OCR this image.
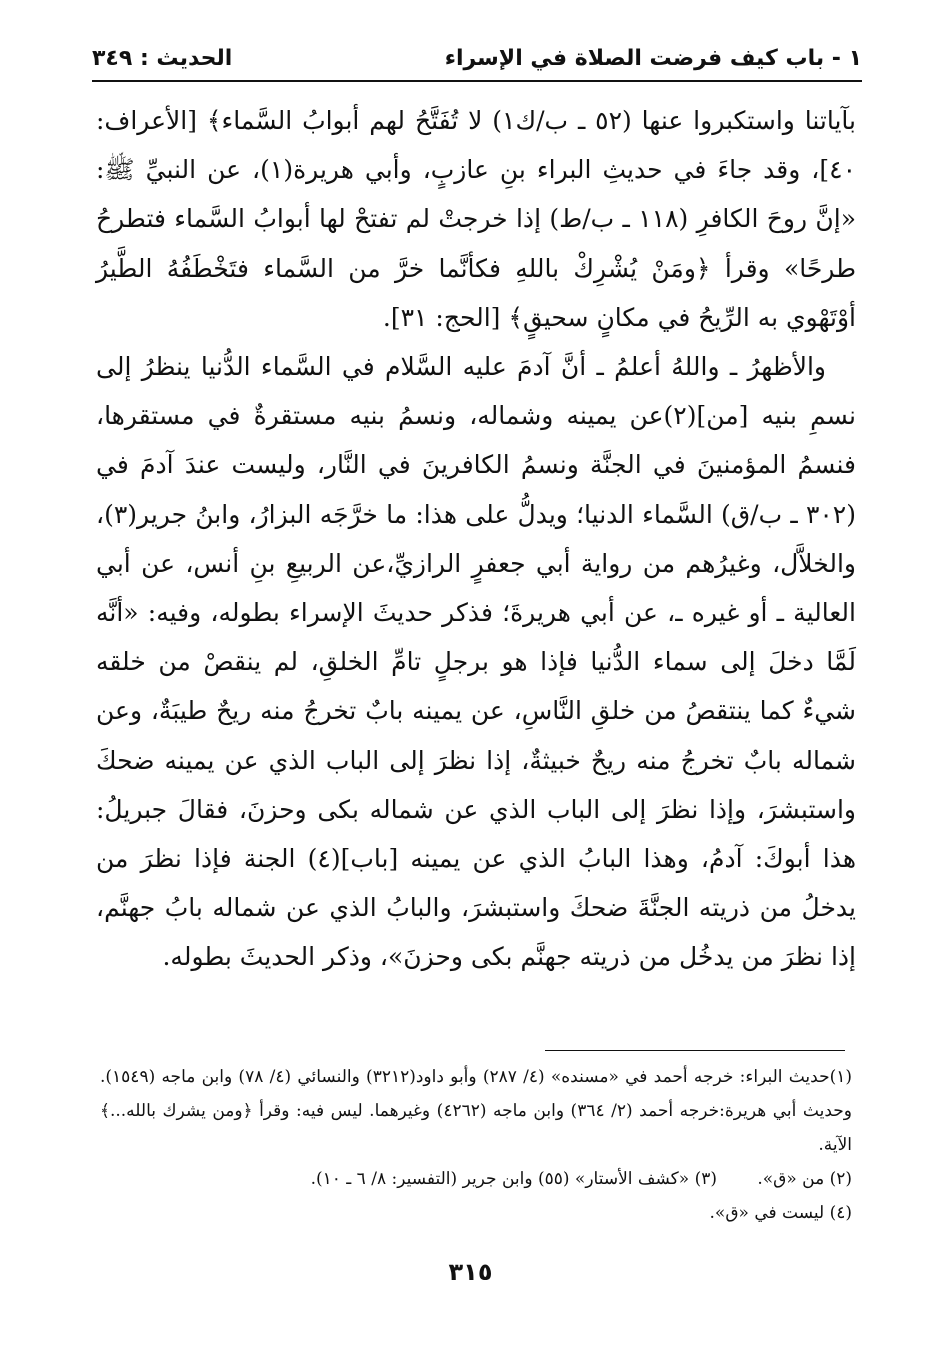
١ - باب كيف فرضت الصلاة في الإسراء
الحديث : ٣٤٩

بآياتنا واستكبروا عنها (٥٢ ـ ب/ك١) لا تُفَتَّحُ لهم أبوابُ السَّماء﴾ [الأعراف: ٤٠]، وقد جاءَ في حديثِ البراء بنِ عازبٍ، وأبي هريرة(١)، عن النبيِّ ﷺ: «إنَّ روحَ الكافرِ (١١٨ ـ ب/ط) إذا خرجتْ لم تفتحْ لها أبوابُ السَّماء فتطرحُ طرحًا» وقرأ ﴿ومَنْ يُشْرِكْ باللهِ فكأنَّما خرَّ من السَّماء فتَخْطَفُهُ الطَّيرُ أوْتَهْوي به الرِّيحُ في مكانٍ سحيقٍ﴾ [الحج: ٣١].

والأظهرُ ـ واللهُ أعلمُ ـ أنَّ آدمَ عليه السَّلام في السَّماء الدُّنيا ينظرُ إلى نسمِ بنيه [من](٢)عن يمينه وشماله، ونسمُ بنيه مستقرةٌ في مستقرها، فنسمُ المؤمنينَ في الجنَّة ونسمُ الكافرينَ في النَّار، وليست عندَ آدمَ في (٣٠٢ ـ ب/ق) السَّماء الدنيا؛ ويدلُّ على هذا: ما خرَّجَه البزارُ، وابنُ جرير(٣)، والخلاَّل، وغيرُهم من رواية أبي جعفرٍ الرازيِّ،عن الربيعِ بنِ أنس، عن أبي العالية ـ أو غيره ـ، عن أبي هريرةَ؛ فذكر حديثَ الإسراء بطوله، وفيه: «أنَّه لَمَّا دخلَ إلى سماء الدُّنيا فإذا هو برجلٍ تامِّ الخلقِ، لم ينقصْ من خلقه شيءٌ كما ينتقصُ من خلقِ النَّاسِ، عن يمينه بابٌ تخرجُ منه ريحٌ طيبَةٌ، وعن شماله بابٌ تخرجُ منه ريحٌ خبيثةٌ، إذا نظرَ إلى الباب الذي عن يمينه ضحكَ واستبشرَ، وإذا نظرَ إلى الباب الذي عن شماله بكى وحزنَ، فقالَ جبريلُ: هذا أبوكَ: آدمُ، وهذا البابُ الذي عن يمينه [باب](٤) الجنة فإذا نظرَ من يدخلُ من ذريته الجنَّةَ ضحكَ واستبشرَ، والبابُ الذي عن شماله بابُ جهنَّم، إذا نظرَ من يدخُل من ذريته جهنَّم بكى وحزنَ»، وذكر الحديثَ بطوله.

(١)حديث البراء: خرجه أحمد في «مسنده» (٤/ ٢٨٧) وأبو داود(٣٢١٢) والنسائي (٤/ ٧٨) وابن ماجه (١٥٤٩). وحديث أبي هريرة:خرجه أحمد (٢/ ٣٦٤) وابن ماجه (٤٢٦٢) وغيرهما. ليس فيه: وقرأ ﴿ومن يشرك بالله...﴾ الآية.

(٢) من «ق».
(٣) «كشف الأستار» (٥٥) وابن جرير (التفسير: ٨/ ٦ ـ ١٠).

(٤) ليست في «ق».

٣١٥
